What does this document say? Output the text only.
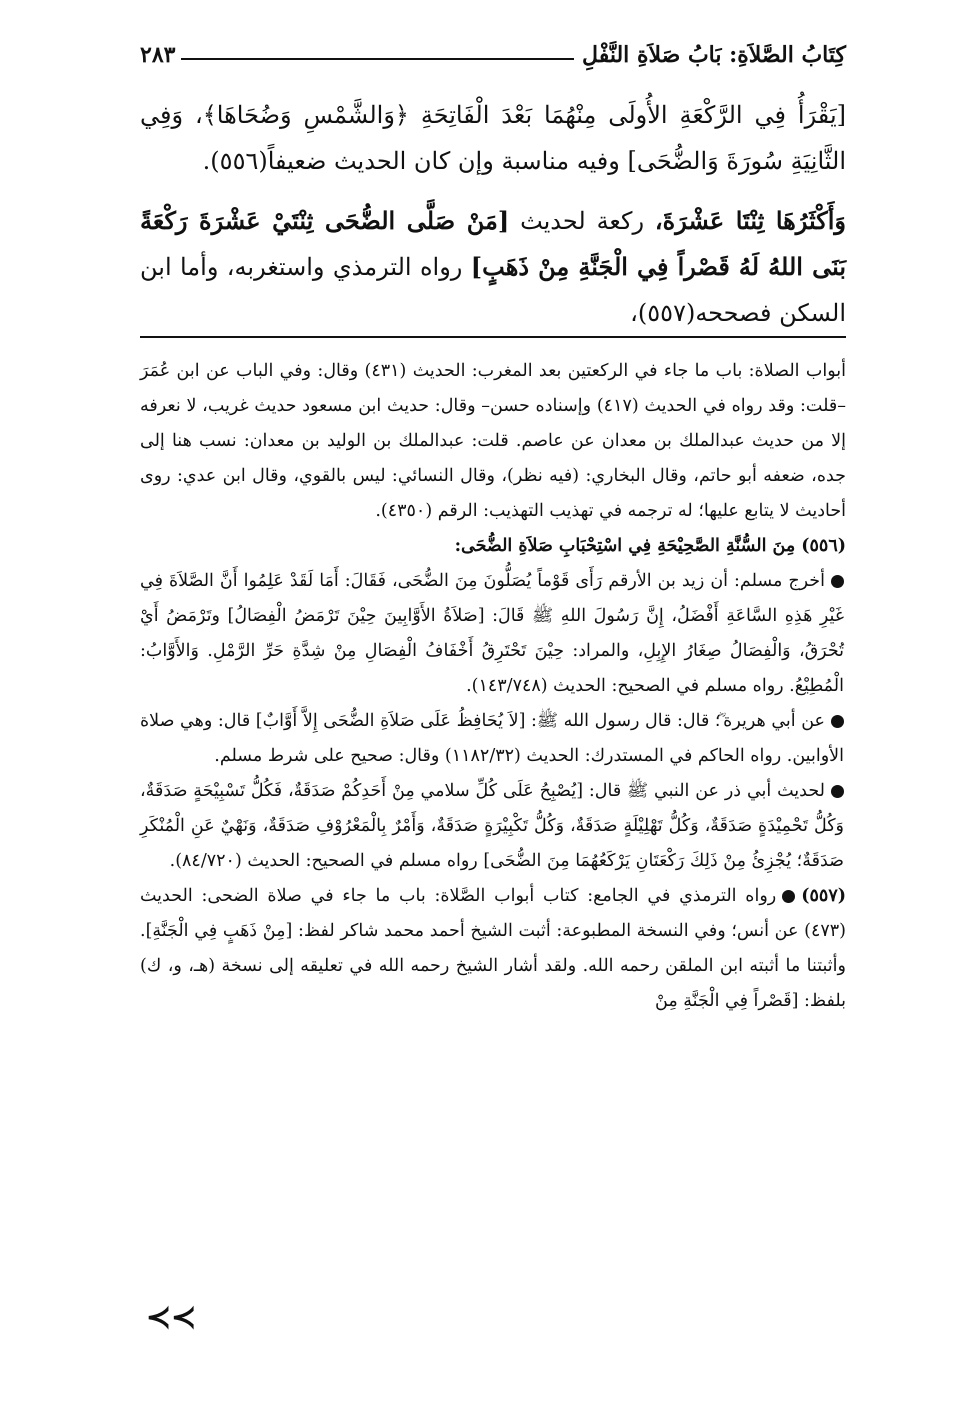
كِتَابُ الصَّلاَةِ: بَابُ صَلاَةِ النَّفْلِ
٢٨٣

[يَقْرَأُ فِي الرَّكْعَةِ الأُولَى مِنْهُمَا بَعْدَ الْفَاتِحَةِ ﴿وَالشَّمْسِ وَضُحَاهَا﴾، وَفِي الثَّانِيَةِ سُورَةَ وَالضُّحَى] وفيه مناسبة وإن كان الحديث ضعيفاً(٥٥٦).

وَأَكْثَرُهَا ثِنْتَا عَشْرَةَ، ركعة لحديث [مَنْ صَلَّى الضُّحَى ثِنْتَيْ عَشْرَةَ رَكْعَةً بَنَى اللهُ لَهُ قَصْراً فِي الْجَنَّةِ مِنْ ذَهَبٍ] رواه الترمذي واستغربه، وأما ابن السكن فصححه(٥٥٧)،

أبواب الصلاة: باب ما جاء في الركعتين بعد المغرب: الحديث (٤٣١) وقال: وفي الباب عن ابن عُمَرَ –قلت: وقد رواه في الحديث (٤١٧) وإسناده حسن– وقال: حديث ابن مسعود حديث غريب، لا نعرفه إلا من حديث عبدالملك بن معدان عن عاصم. قلت: عبدالملك بن الوليد بن معدان: نسب هنا إلى جده، ضعفه أبو حاتم، وقال البخاري: (فيه نظر)، وقال النسائي: ليس بالقوي، وقال ابن عدي: روى أحاديث لا يتابع عليها؛ له ترجمه في تهذيب التهذيب: الرقم (٤٣٥٠).

(٥٥٦)مِنَ السُّنَّةِ الصَّحِيْحَةِ فِي اسْتِحْبَابِ صَلاَةِ الضُّحَى:

أخرج مسلم: أن زيد بن الأرقم رَأَى قَوْماً يُصَلُّونَ مِنَ الضُّحَى، فَقَالَ: أَمَا لَقَدْ عَلِمُوا أَنَّ الصَّلاَةَ فِي غَيْرِ هَذِهِ السَّاعَةِ أَفْضَلُ، إِنَّ رَسُولَ اللهِ ﷺ قَالَ: [صَلاَةُ الأَوَّابِينَ حِيْنَ تَرْمَضُ الْفِصَالُ] وتَرْمَضُ أَيْ تُحْرَقُ، وَالْفِصَالُ صِغَارُ الإِبِلِ، والمراد: حِيْنَ تَحْتَرِقُ أَخْفَافُ الْفِصَالِ مِنْ شِدَّةِ حَرِّ الرَّمْلِ. وَالأَوَّابُ: الْمُطِيْعُ. رواه مسلم في الصحيح: الحديث (١٤٣/٧٤٨).

عن أبي هريرة ؓ؛ قال: قال رسول الله ﷺ: [لاَ يُحَافِظُ عَلَى صَلاَةِ الضُّحَى إِلاَّ أَوَّابٌ] قال: وهي صلاة الأوابين. رواه الحاكم في المستدرك: الحديث (١١٨٢/٣٢) وقال: صحيح على شرط مسلم.

لحديث أبي ذر عن النبي ﷺ قال: [يُصْبِحُ عَلَى كُلِّ سلامي مِنْ أَحَدِكُمْ صَدَقَةٌ، فَكُلُّ تَسْبِيْحَةٍ صَدَقَةٌ، وَكُلُّ تَحْمِيْدَةٍ صَدَقَةٌ، وَكُلُّ تَهْلِيْلَةٍ صَدَقَةٌ، وَكُلُّ تَكْبِيْرَةٍ صَدَقَةٌ، وَأَمْرٌ بِالْمَعْرُوْفِ صَدَقَةٌ، وَنَهْيٌ عَنِ الْمُنْكَرِ صَدَقَةٌ؛ يُجْزِئُ مِنْ ذَلِكَ رَكْعَتَانِ يَرْكَعُهُمَا مِنَ الضُّحَى] رواه مسلم في الصحيح: الحديث (٨٤/٧٢٠).

(٥٥٧)رواه الترمذي في الجامع: كتاب أبواب الصَّلاة: باب ما جاء في صلاة الضحى: الحديث (٤٧٣) عن أنس؛ وفي النسخة المطبوعة: أثبت الشيخ أحمد محمد شاكر لفظ: [مِنْ ذَهَبٍ فِي الْجَنَّةِ]. وأثبتنا ما أثبته ابن الملقن رحمه الله. ولقد أشار الشيخ رحمه الله في تعليقه إلى نسخة (هـ، و، ك) بلفظ: [قَصْراً فِي الْجَنَّةِ مِنْ

≺≺
